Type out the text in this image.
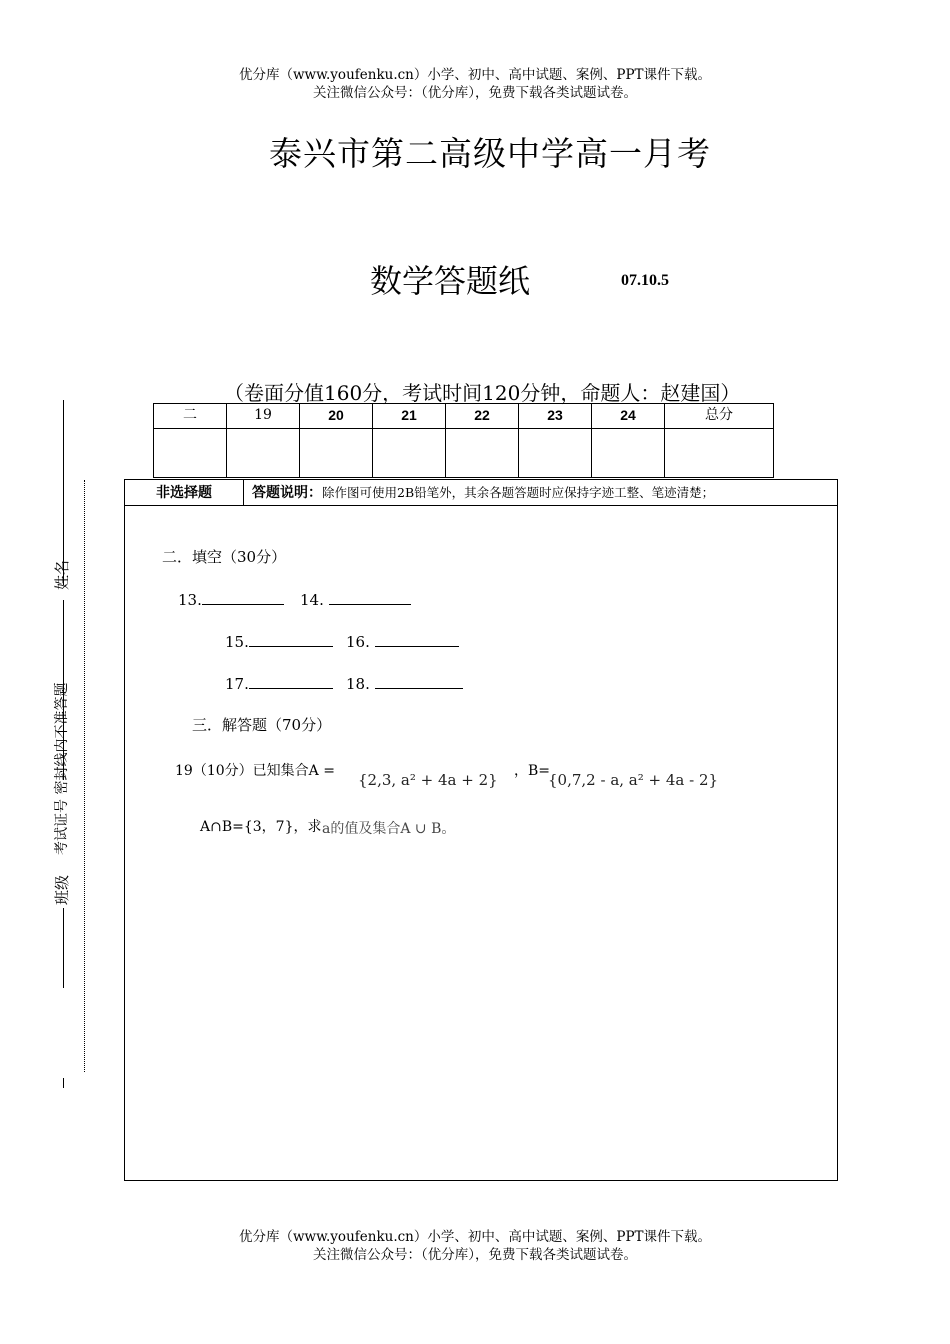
优分库（www.youfenku.cn）小学、初中、高中试题、案例、PPT课件下载。
关注微信公众号：（优分库），免费下载各类试题试卷。
泰兴市第二高级中学高一月考
数学答题纸	07.10.5
（卷面分值160分，考试时间120分钟，命题人：赵建国）
二	19	20	21	22	23	24	总分

非选择题	答题说明：除作图可使用2B铅笔外，其余各题答题时应保持字迹工整、笔迹清楚；
二．填空（30分）
13.	14.
15.	16.
17.	18.
三．解答题（70分）
19（10分）已知集合A = {2,3, a² + 4a + 2} ，B=
{0,7,2 - a, a² + 4a - 2}
A∩B={3，7}，求 a的值及集合A ∪ B。
姓名
班级
考试证号 密封线内不准答题
优分库（www.youfenku.cn）小学、初中、高中试题、案例、PPT课件下载。
关注微信公众号：（优分库），免费下载各类试题试卷。
